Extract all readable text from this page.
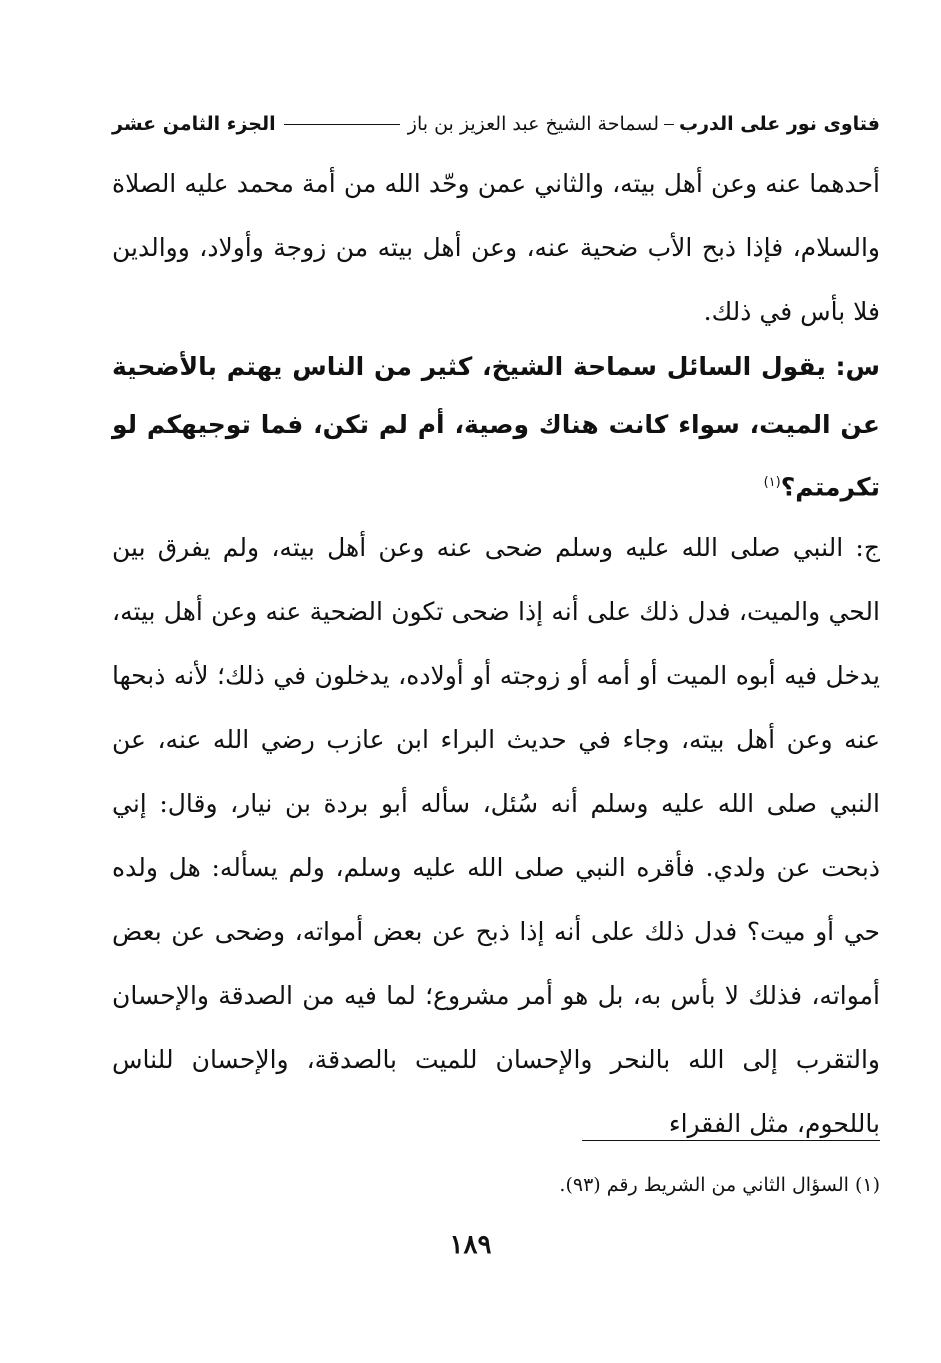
فتاوى نور على الدرب
لسماحة الشيخ عبد العزيز بن باز
الجزء الثامن عشر
أحدهما عنه وعن أهل بيته، والثاني عمن وحّد الله من أمة محمد عليه الصلاة والسلام، فإذا ذبح الأب ضحية عنه، وعن أهل بيته من زوجة وأولاد، ووالدين فلا بأس في ذلك.
س: يقول السائل سماحة الشيخ، كثير من الناس يهتم بالأضحية عن الميت، سواء كانت هناك وصية، أم لم تكن، فما توجيهكم لو تكرمتم؟$^{(١)}$
ج: النبي صلى الله عليه وسلم ضحى عنه وعن أهل بيته، ولم يفرق بين الحي والميت، فدل ذلك على أنه إذا ضحى تكون الضحية عنه وعن أهل بيته، يدخل فيه أبوه الميت أو أمه أو زوجته أو أولاده، يدخلون في ذلك؛ لأنه ذبحها عنه وعن أهل بيته، وجاء في حديث البراء ابن عازب رضي الله عنه، عن النبي صلى الله عليه وسلم أنه سُئل، سأله أبو بردة بن نيار، وقال: إني ذبحت عن ولدي. فأقره النبي صلى الله عليه وسلم، ولم يسأله: هل ولده حي أو ميت؟ فدل ذلك على أنه إذا ذبح عن بعض أمواته، وضحى عن بعض أمواته، فذلك لا بأس به، بل هو أمر مشروع؛ لما فيه من الصدقة والإحسان والتقرب إلى الله بالنحر والإحسان للميت بالصدقة، والإحسان للناس باللحوم، مثل الفقراء
(١) السؤال الثاني من الشريط رقم (٩٣).
١٨٩
